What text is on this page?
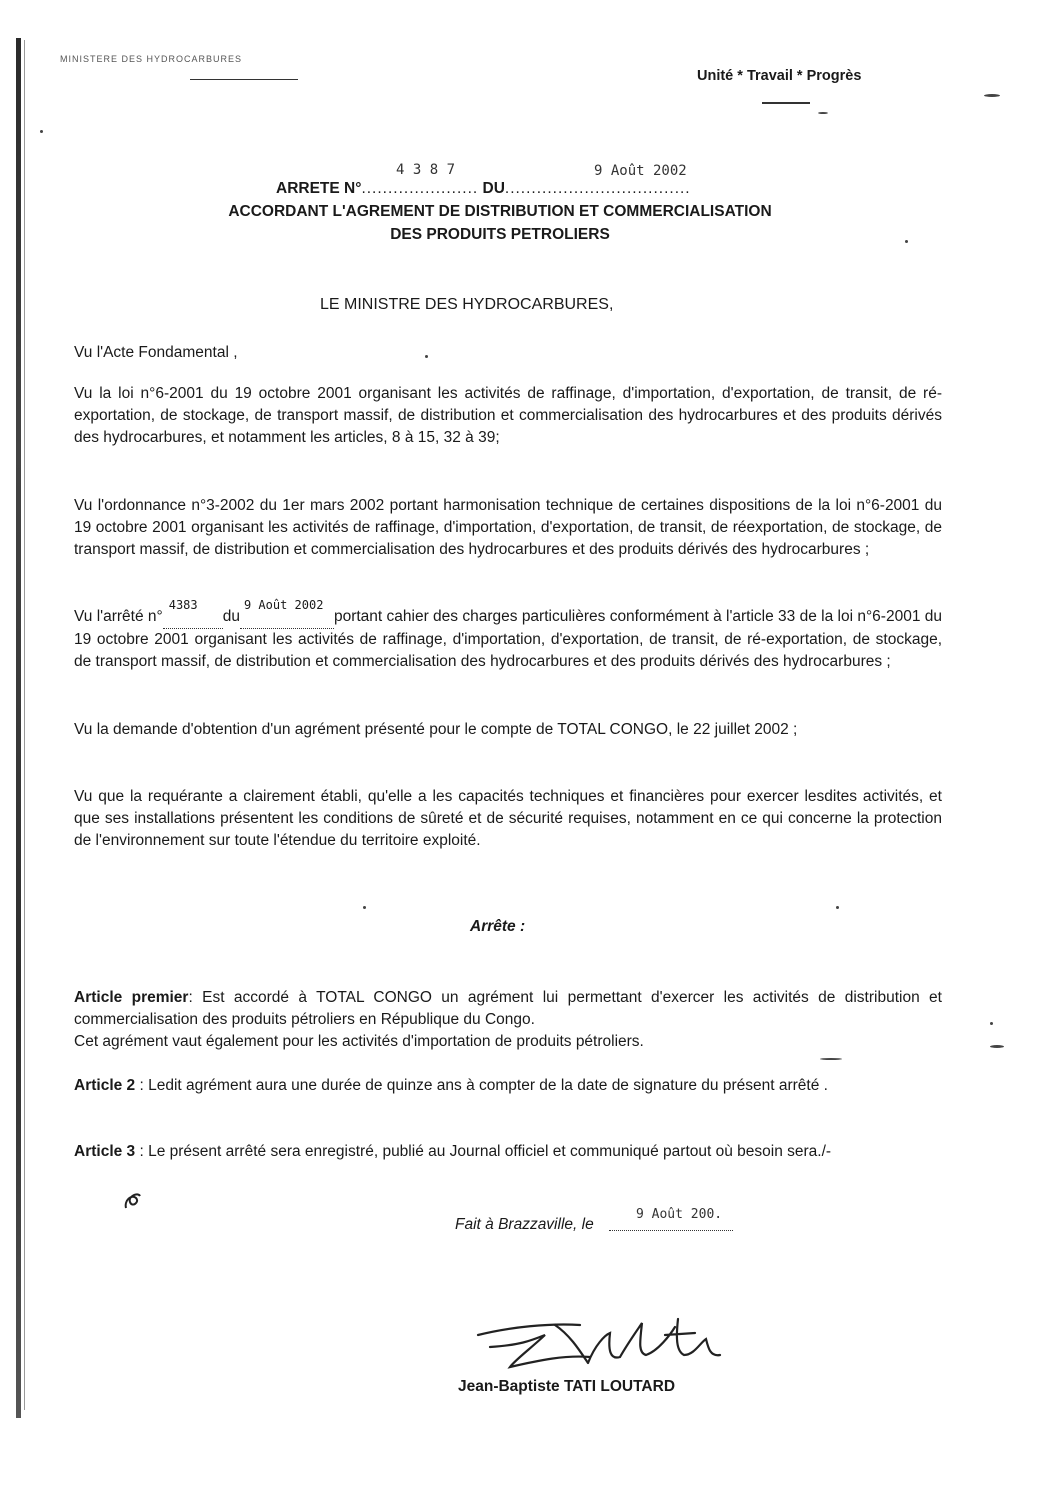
MINISTERE DES HYDROCARBURES
Unité * Travail * Progrès
4 3 8 7	9 Août 2002
ARRETE N°...................... DU...................................
ACCORDANT L'AGREMENT DE DISTRIBUTION ET COMMERCIALISATION
DES PRODUITS PETROLIERS
LE MINISTRE DES HYDROCARBURES,
Vu l'Acte Fondamental ,
Vu la loi n°6-2001 du 19 octobre 2001 organisant les activités de raffinage, d'importation, d'exportation, de transit, de ré-exportation, de stockage, de transport massif, de distribution et commercialisation des hydrocarbures et des produits dérivés des hydrocarbures, et notamment les articles, 8 à 15, 32 à 39;
Vu l'ordonnance n°3-2002 du 1er mars 2002 portant harmonisation technique de certaines dispositions de la loi n°6-2001 du 19 octobre 2001 organisant les activités de raffinage, d'importation, d'exportation, de transit, de réexportation, de stockage, de transport massif, de distribution et commercialisation des hydrocarbures et des produits dérivés des hydrocarbures ;
Vu l'arrêté n°
4383
du
9 Août 2002
portant cahier des charges particulières conformément à l'article 33 de la loi n°6-2001 du 19 octobre 2001 organisant les activités de raffinage, d'importation, d'exportation, de transit, de ré-exportation, de stockage, de transport massif, de distribution et commercialisation des hydrocarbures et des produits dérivés des hydrocarbures ;
Vu la demande d'obtention d'un agrément présenté pour le compte de TOTAL CONGO, le 22 juillet 2002 ;
Vu que la requérante a clairement établi, qu'elle a les capacités techniques et financières pour exercer lesdites activités, et que ses installations présentent les conditions de sûreté et de sécurité requises, notamment en ce qui concerne la protection de l'environnement sur toute l'étendue du territoire exploité.
Arrête :
Article premier: Est accordé à TOTAL CONGO un agrément lui permettant d'exercer les activités de distribution et commercialisation des produits pétroliers en République du Congo.
Cet agrément vaut également pour les activités d'importation de produits pétroliers.
Article 2 : Ledit agrément aura une durée de quinze ans à compter de la date de signature du présent arrêté .
Article 3 : Le présent arrêté sera enregistré, publié au Journal officiel et communiqué partout où besoin sera./-
9 Août 200.
Fait à Brazzaville, le
Jean-Baptiste TATI LOUTARD
